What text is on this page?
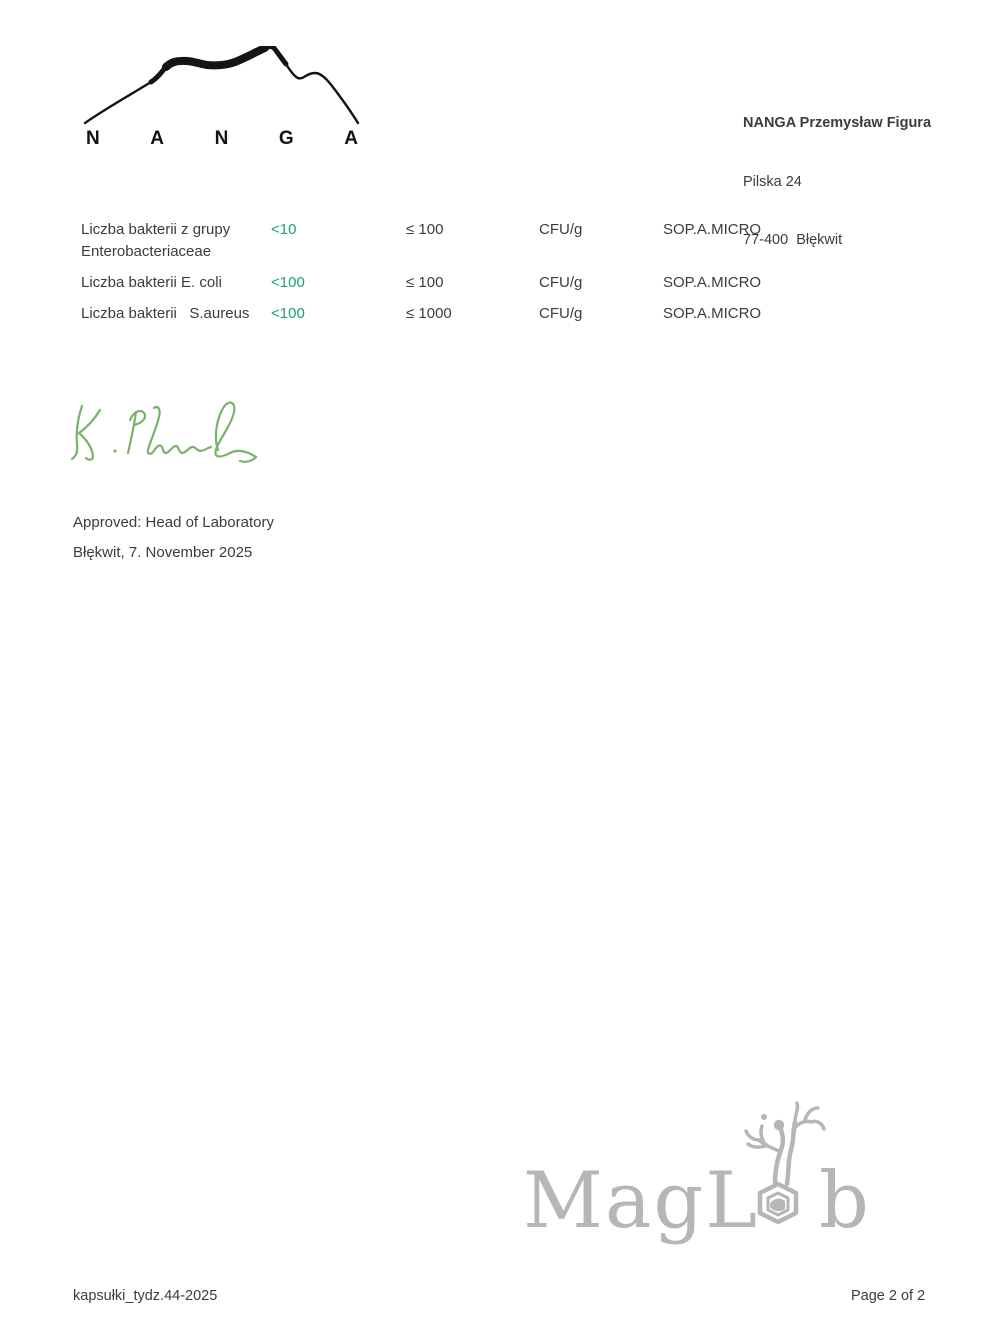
N	A	N	G	A

NANGA Przemysław Figura

Pilska 24

77-400  Błękwit

Liczba bakterii z grupy Enterobacteriaceae
<10	≤ 100	CFU/g	SOP.A.MICRO
Liczba bakterii E. coli	<100	≤ 100	CFU/g	SOP.A.MICRO
Liczba bakterii   S.aureus	<100	≤ 1000	CFU/g	SOP.A.MICRO
Approved: Head of Laboratory
Błękwit, 7. November 2025
MagL b
kapsułki_tydz.44-2025	Page 2 of 2
